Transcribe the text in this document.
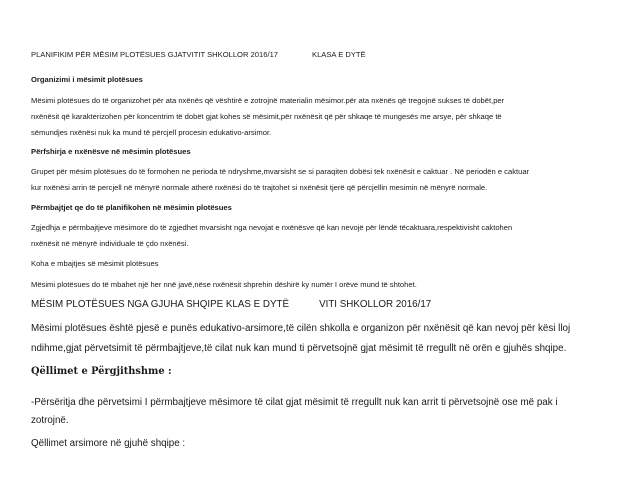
PLANIFIKIM PËR MËSIM PLOTËSUES GJATVITIT SHKOLLOR 2016/17	KLASA E DYTË
Organizimi i mësimit plotësues
Mësimi plotësues do të organizohet për ata nxënës që vështirë e zotrojnë materialin mësimor.për ata nxënës që tregojnë sukses të dobët,per
nxënësit që karakterizohen për koncentrim të dobët gjat kohes së mësimit,për nxënësit që për shkaqe të mungesës me arsye, për shkaqe të
sëmundjes nxënësi nuk ka mund të përcjell procesin edukativo-arsimor.
Përfshirja e nxënësve në mësimin plotësues
Grupet për mësim plotësues do të formohen ne perioda të ndryshme,mvarsisht se si paraqiten dobësi tek nxënësit e caktuar . Në periodën e caktuar
kur nxënësi arrin të percjell në mënyrë normale atherë nxënësi do të trajtohet si nxënësit tjerë që përcjellin mesimin në mënyrë normale.
Përmbajtjet qe do të planifikohen në mësimin plotësues
Zgjedhja e përmbajtjeve mësimore do të zgjedhet mvarsisht nga nevojat e nxënësve që kan nevojë për lëndë tëcaktuara,respektivisht caktohen
nxënësit në mënyrë individuale të çdo nxënësi.
Koha e mbajtjes së mësimit plotësues
Mësimi plotësues do të mbahet një her nnë javë,nëse nxënësit shprehin dëshirë ky numër I orëve mund të shtohet.
MËSIM PLOTËSUES NGA GJUHA SHQIPE KLAS E DYTË	VITI SHKOLLOR 2016/17
Mësimi plotësues është pjesë e punës edukativo-arsimore,të cilën shkolla e organizon për nxënësit që kan nevoj për kësi lloj
ndihme,gjat përvetsimit të përmbajtjeve,të cilat nuk kan mund ti përvetsojnë gjat mësimit të rregullt në orën e gjuhës shqipe.
Qëllimet e Përgjithshme :
-Përsëritja dhe përvetsimi I përmbajtjeve mësimore të cilat gjat mësimit të rregullt nuk kan arrit ti përvetsojnë ose më pak i
zotrojnë.
Qëllimet arsimore në gjuhë shqipe :
